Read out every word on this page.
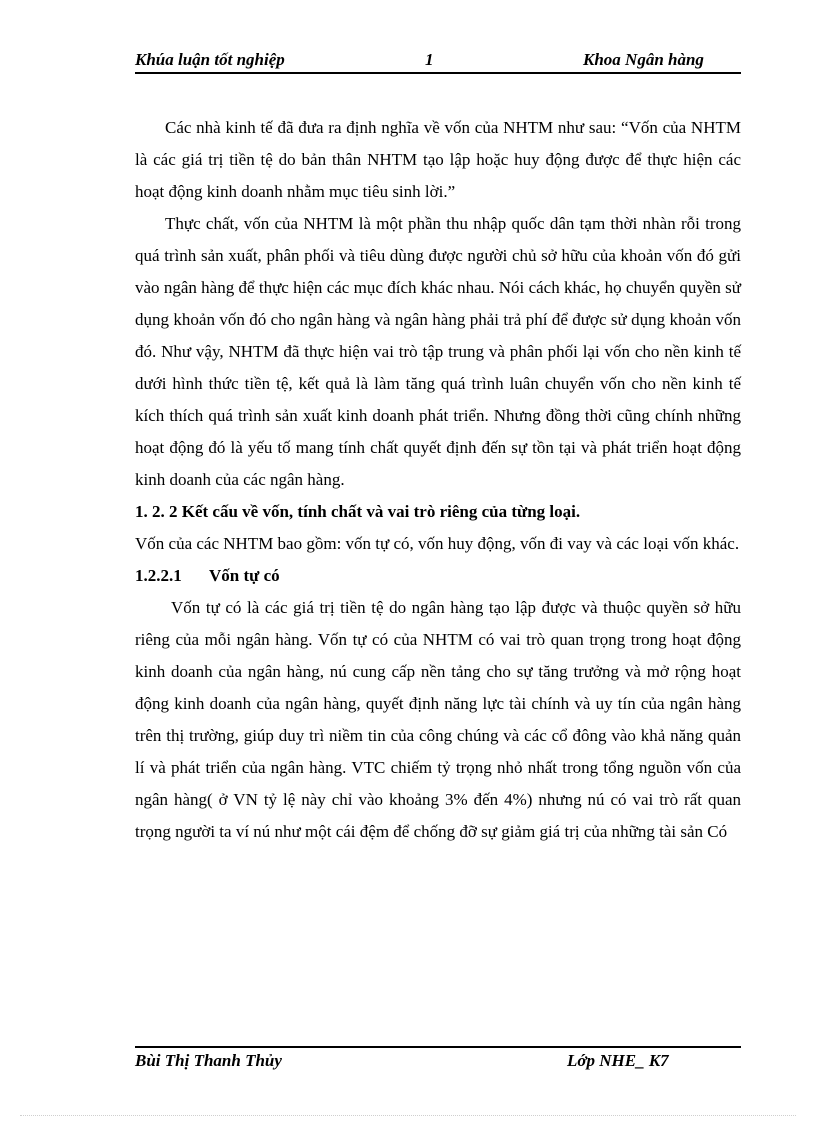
Khúa luận tốt nghiệp	1	Khoa Ngân hàng

Các nhà kinh tế đã đưa ra định nghĩa về vốn của NHTM như sau: “Vốn của NHTM là các giá trị tiền tệ do bản thân NHTM tạo lập hoặc huy động được để thực hiện các hoạt động kinh doanh nhằm mục tiêu sinh lời.”

Thực chất, vốn của NHTM là một phần thu nhập quốc dân tạm thời nhàn rỗi trong quá trình sản xuất, phân phối và tiêu dùng được người chủ sở hữu của khoản vốn đó gửi vào ngân hàng để thực hiện các mục đích khác nhau. Nói cách khác, họ chuyển quyền sử dụng khoản vốn đó cho ngân hàng và ngân hàng phải trả phí để được sử dụng khoản vốn đó. Như vậy, NHTM đã thực hiện vai trò tập trung và phân phối lại vốn cho nền kinh tế dưới hình thức tiền tệ, kết quả là làm tăng quá trình luân chuyển vốn cho nền kinh tế kích thích quá trình sản xuất kinh doanh phát triển. Nhưng đồng thời cũng chính những hoạt động đó là yếu tố mang tính chất quyết định đến sự tồn tại và phát triển hoạt động kinh doanh của các ngân hàng.

1. 2. 2 Kết cấu về vốn, tính chất và vai trò riêng của từng loại.

Vốn của các NHTM bao gồm: vốn tự có, vốn huy động, vốn đi vay và các loại vốn khác.

1.2.2.1 Vốn tự có

Vốn tự có là các giá trị tiền tệ do ngân hàng tạo lập được và thuộc quyền sở hữu riêng của mỗi ngân hàng. Vốn tự có của NHTM có vai trò quan trọng trong hoạt động kinh doanh của ngân hàng, nú cung cấp nền tảng cho sự tăng trưởng và mở rộng hoạt động kinh doanh của ngân hàng, quyết định năng lực tài chính và uy tín của ngân hàng trên thị trường, giúp duy trì niềm tin của công chúng và các cổ đông vào khả năng quản lí và phát triển của ngân hàng. VTC chiếm tỷ trọng nhỏ nhất trong tổng nguồn vốn của ngân hàng( ở VN tỷ lệ này chỉ vào khoảng 3% đến 4%) nhưng nú có vai trò rất quan trọng người ta ví nú như một cái đệm để chống đỡ sự giảm giá trị của những tài sản Có

Bùi Thị Thanh Thủy	Lớp NHE_ K7
